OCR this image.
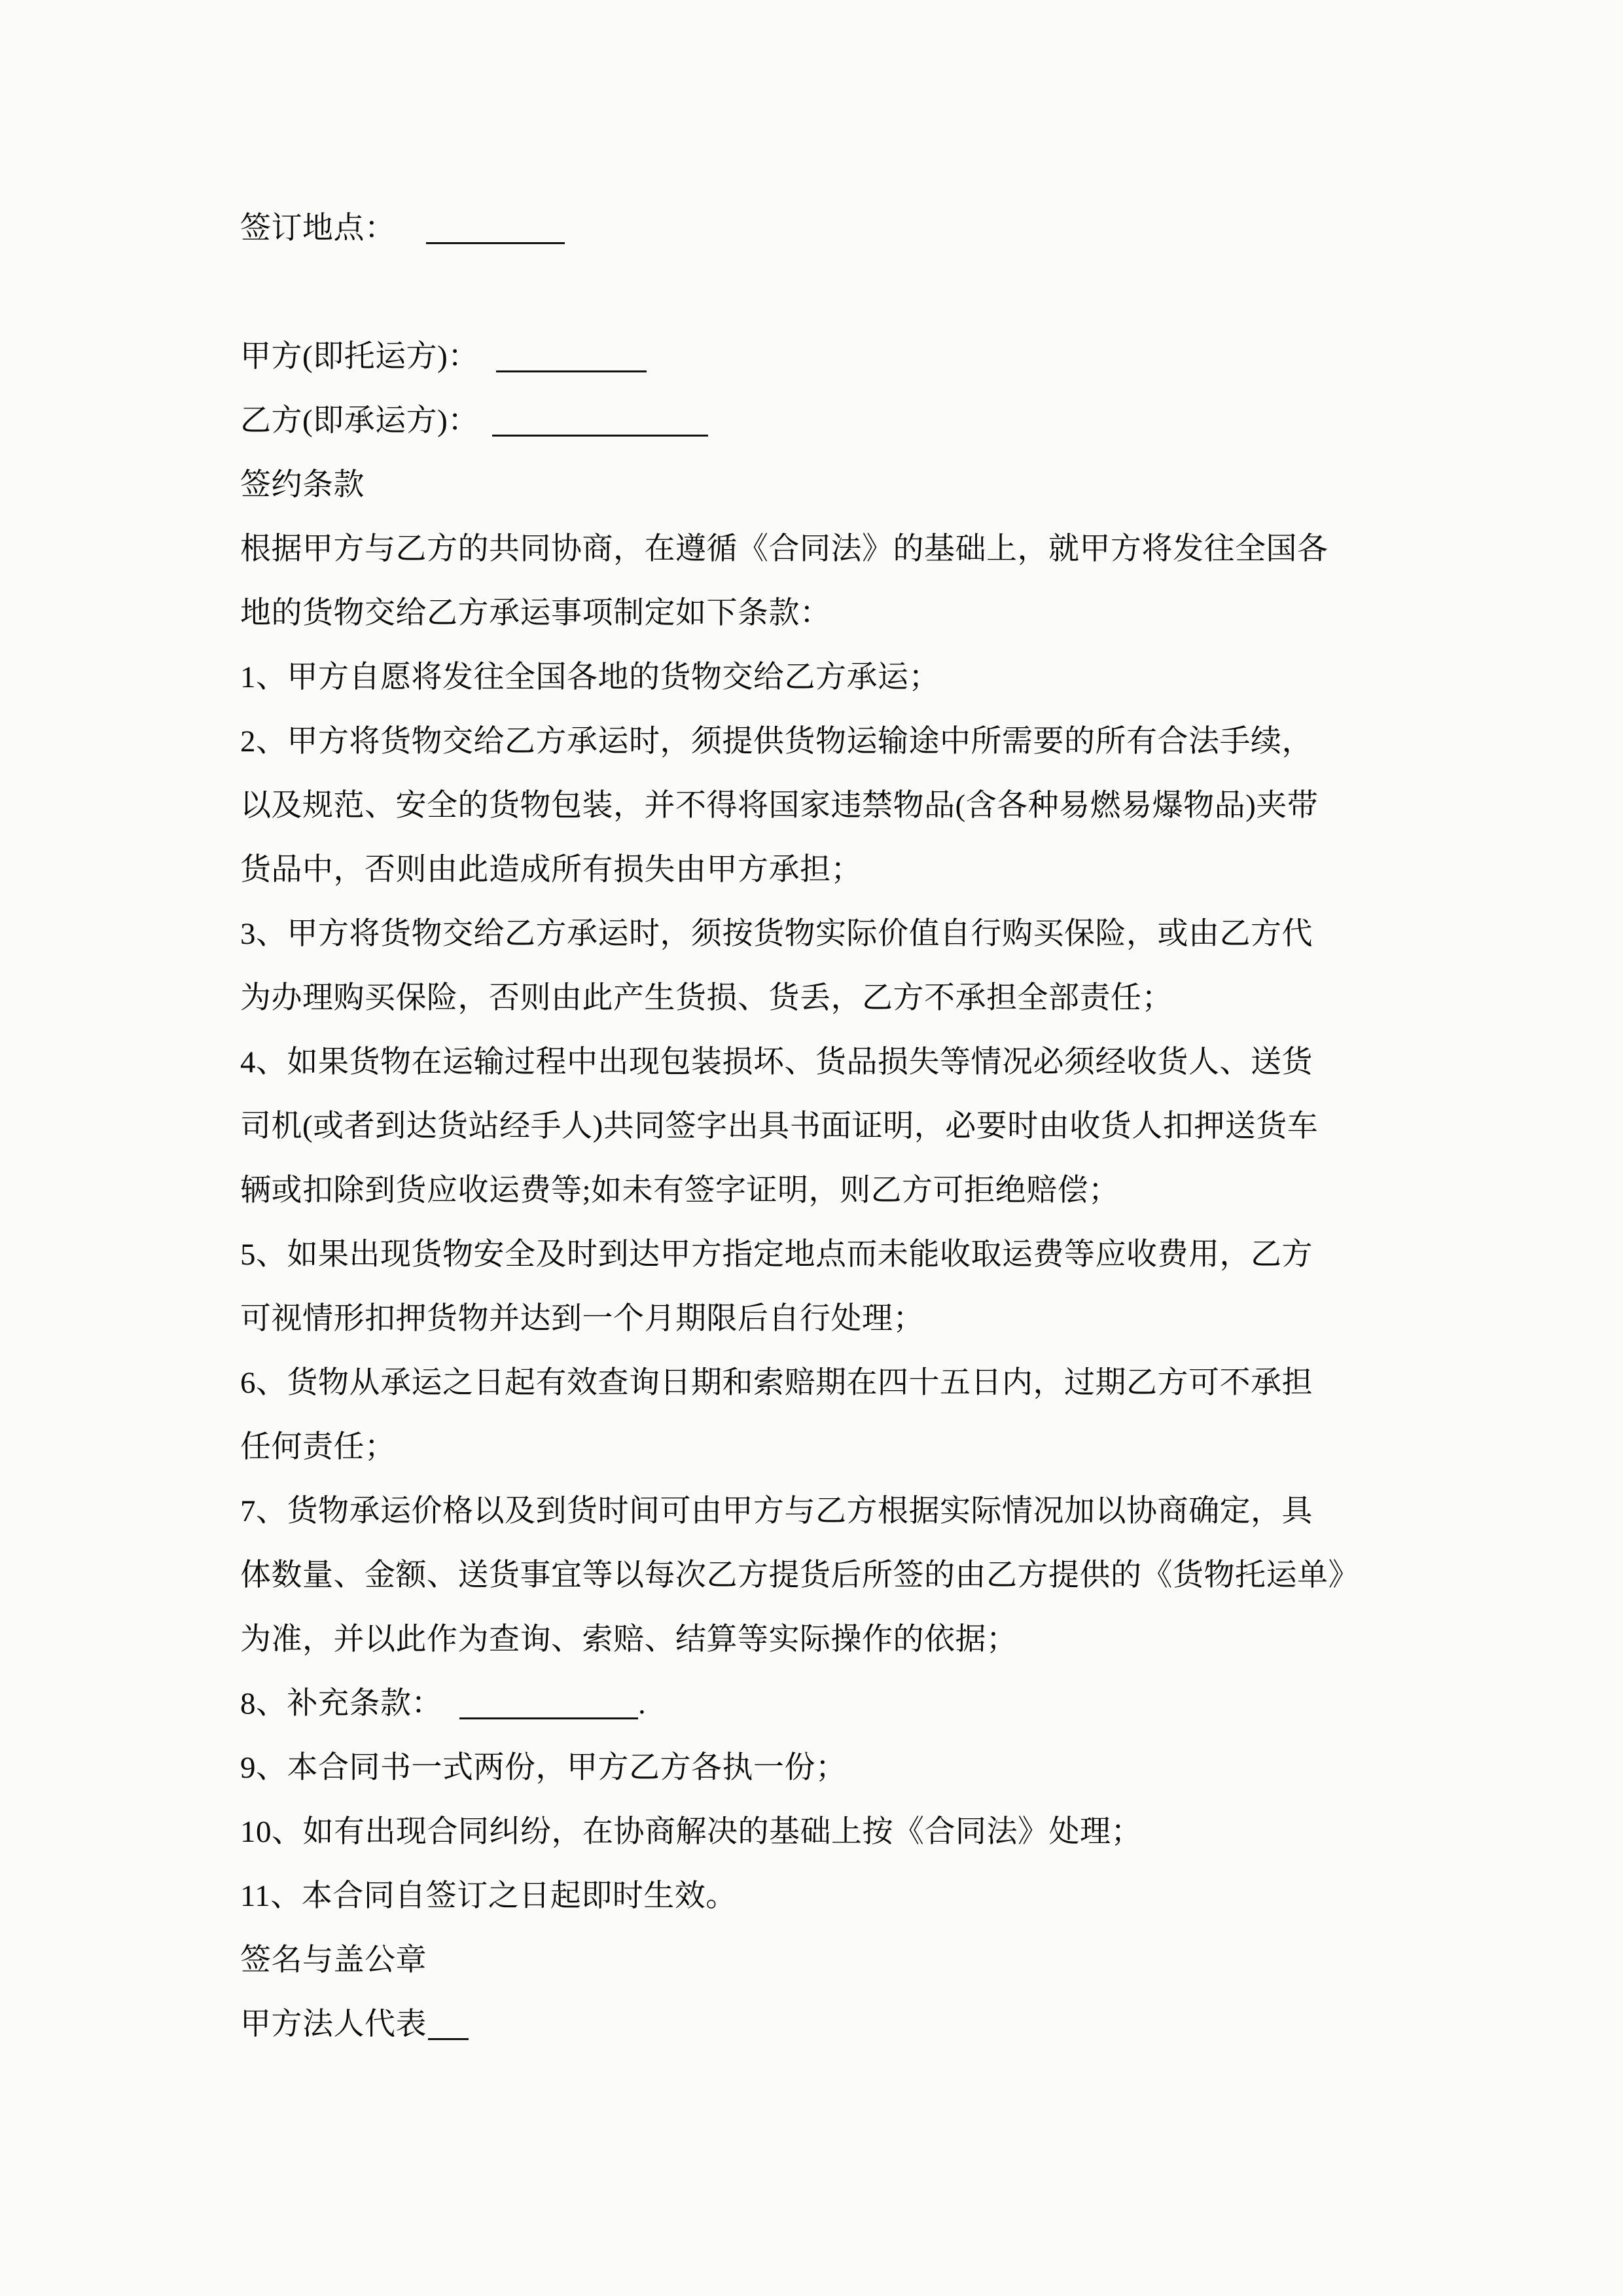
签订地点：
甲方(即托运方)：
乙方(即承运方)：
签约条款
根据甲方与乙方的共同协商，在遵循《合同法》的基础上，就甲方将发往全国各
地的货物交给乙方承运事项制定如下条款：
1、甲方自愿将发往全国各地的货物交给乙方承运；
2、甲方将货物交给乙方承运时，须提供货物运输途中所需要的所有合法手续，
以及规范、安全的货物包装，并不得将国家违禁物品(含各种易燃易爆物品)夹带
货品中，否则由此造成所有损失由甲方承担；
3、甲方将货物交给乙方承运时，须按货物实际价值自行购买保险，或由乙方代
为办理购买保险，否则由此产生货损、货丢，乙方不承担全部责任；
4、如果货物在运输过程中出现包装损坏、货品损失等情况必须经收货人、送货
司机(或者到达货站经手人)共同签字出具书面证明，必要时由收货人扣押送货车
辆或扣除到货应收运费等;如未有签字证明，则乙方可拒绝赔偿；
5、如果出现货物安全及时到达甲方指定地点而未能收取运费等应收费用，乙方
可视情形扣押货物并达到一个月期限后自行处理；
6、货物从承运之日起有效查询日期和索赔期在四十五日内，过期乙方可不承担
任何责任；
7、货物承运价格以及到货时间可由甲方与乙方根据实际情况加以协商确定，具
体数量、金额、送货事宜等以每次乙方提货后所签的由乙方提供的《货物托运单》
为准，并以此作为查询、索赔、结算等实际操作的依据；
8、补充条款：	.
9、本合同书一式两份，甲方乙方各执一份；
10、如有出现合同纠纷，在协商解决的基础上按《合同法》处理；
11、本合同自签订之日起即时生效。
签名与盖公章
甲方法人代表
